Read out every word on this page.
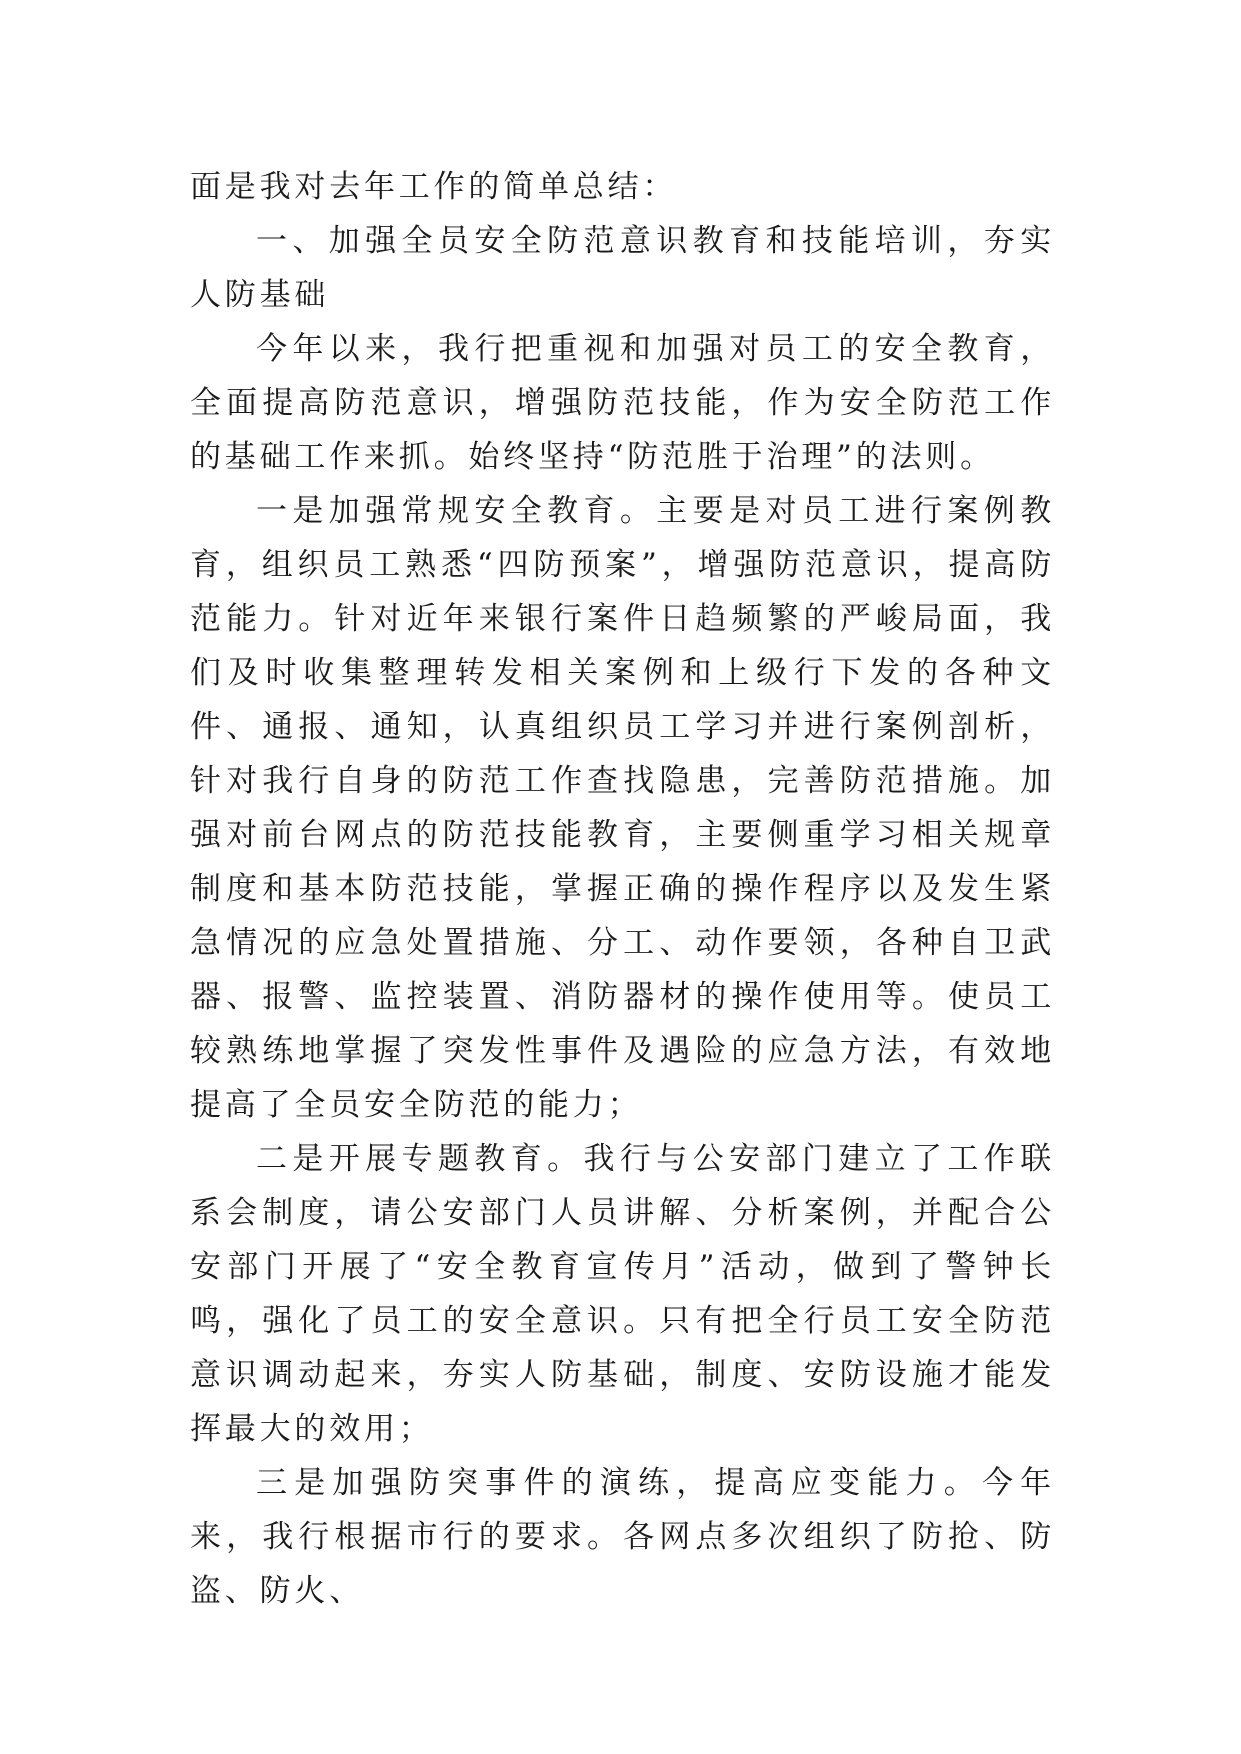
面是我对去年工作的简单总结：

一、加强全员安全防范意识教育和技能培训，夯实人防基础

今年以来，我行把重视和加强对员工的安全教育，全面提高防范意识，增强防范技能，作为安全防范工作的基础工作来抓。始终坚持“防范胜于治理”的法则。

一是加强常规安全教育。主要是对员工进行案例教育，组织员工熟悉“四防预案”，增强防范意识，提高防范能力。针对近年来银行案件日趋频繁的严峻局面，我们及时收集整理转发相关案例和上级行下发的各种文件、通报、通知，认真组织员工学习并进行案例剖析，针对我行自身的防范工作查找隐患，完善防范措施。加强对前台网点的防范技能教育，主要侧重学习相关规章制度和基本防范技能，掌握正确的操作程序以及发生紧急情况的应急处置措施、分工、动作要领，各种自卫武器、报警、监控装置、消防器材的操作使用等。使员工较熟练地掌握了突发性事件及遇险的应急方法，有效地提高了全员安全防范的能力；

二是开展专题教育。我行与公安部门建立了工作联系会制度，请公安部门人员讲解、分析案例，并配合公安部门开展了“安全教育宣传月”活动，做到了警钟长鸣，强化了员工的安全意识。只有把全行员工安全防范意识调动起来，夯实人防基础，制度、安防设施才能发挥最大的效用；

三是加强防突事件的演练，提高应变能力。今年来，我行根据市行的要求。各网点多次组织了防抢、防盗、防火、
